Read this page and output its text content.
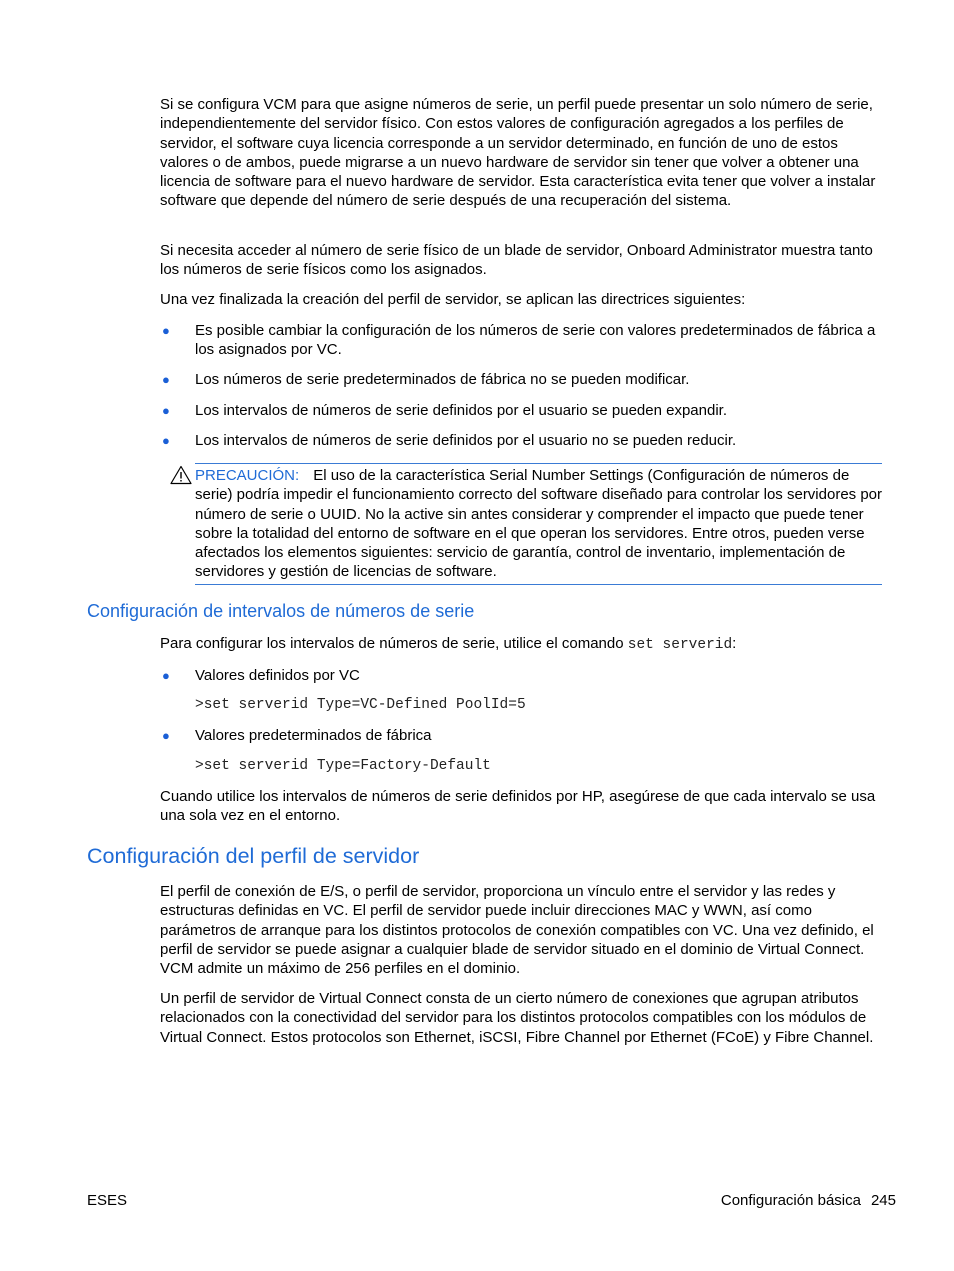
Si se configura VCM para que asigne números de serie, un perfil puede presentar un solo número de serie, independientemente del servidor físico. Con estos valores de configuración agregados a los perfiles de servidor, el software cuya licencia corresponde a un servidor determinado, en función de uno de estos valores o de ambos, puede migrarse a un nuevo hardware de servidor sin tener que volver a obtener una licencia de software para el nuevo hardware de servidor. Esta característica evita tener que volver a instalar software que depende del número de serie después de una recuperación del sistema.

Si necesita acceder al número de serie físico de un blade de servidor, Onboard Administrator muestra tanto los números de serie físicos como los asignados.

Una vez finalizada la creación del perfil de servidor, se aplican las directrices siguientes:

●	Es posible cambiar la configuración de los números de serie con valores predeterminados de fábrica a los asignados por VC.
●	Los números de serie predeterminados de fábrica no se pueden modificar.
●	Los intervalos de números de serie definidos por el usuario se pueden expandir.
●	Los intervalos de números de serie definidos por el usuario no se pueden reducir.

PRECAUCIÓN: El uso de la característica Serial Number Settings (Configuración de números de serie) podría impedir el funcionamiento correcto del software diseñado para controlar los servidores por número de serie o UUID. No la active sin antes considerar y comprender el impacto que puede tener sobre la totalidad del entorno de software en el que operan los servidores. Entre otros, pueden verse afectados los elementos siguientes: servicio de garantía, control de inventario, implementación de servidores y gestión de licencias de software.

Configuración de intervalos de números de serie

Para configurar los intervalos de números de serie, utilice el comando set serverid:

●	Valores definidos por VC
>set serverid Type=VC-Defined PoolId=5
●	Valores predeterminados de fábrica
>set serverid Type=Factory-Default

Cuando utilice los intervalos de números de serie definidos por HP, asegúrese de que cada intervalo se usa una sola vez en el entorno.

Configuración del perfil de servidor

El perfil de conexión de E/S, o perfil de servidor, proporciona un vínculo entre el servidor y las redes y estructuras definidas en VC. El perfil de servidor puede incluir direcciones MAC y WWN, así como parámetros de arranque para los distintos protocolos de conexión compatibles con VC. Una vez definido, el perfil de servidor se puede asignar a cualquier blade de servidor situado en el dominio de Virtual Connect. VCM admite un máximo de 256 perfiles en el dominio.

Un perfil de servidor de Virtual Connect consta de un cierto número de conexiones que agrupan atributos relacionados con la conectividad del servidor para los distintos protocolos compatibles con los módulos de Virtual Connect. Estos protocolos son Ethernet, iSCSI, Fibre Channel por Ethernet (FCoE) y Fibre Channel.

ESES	Configuración básica 245
